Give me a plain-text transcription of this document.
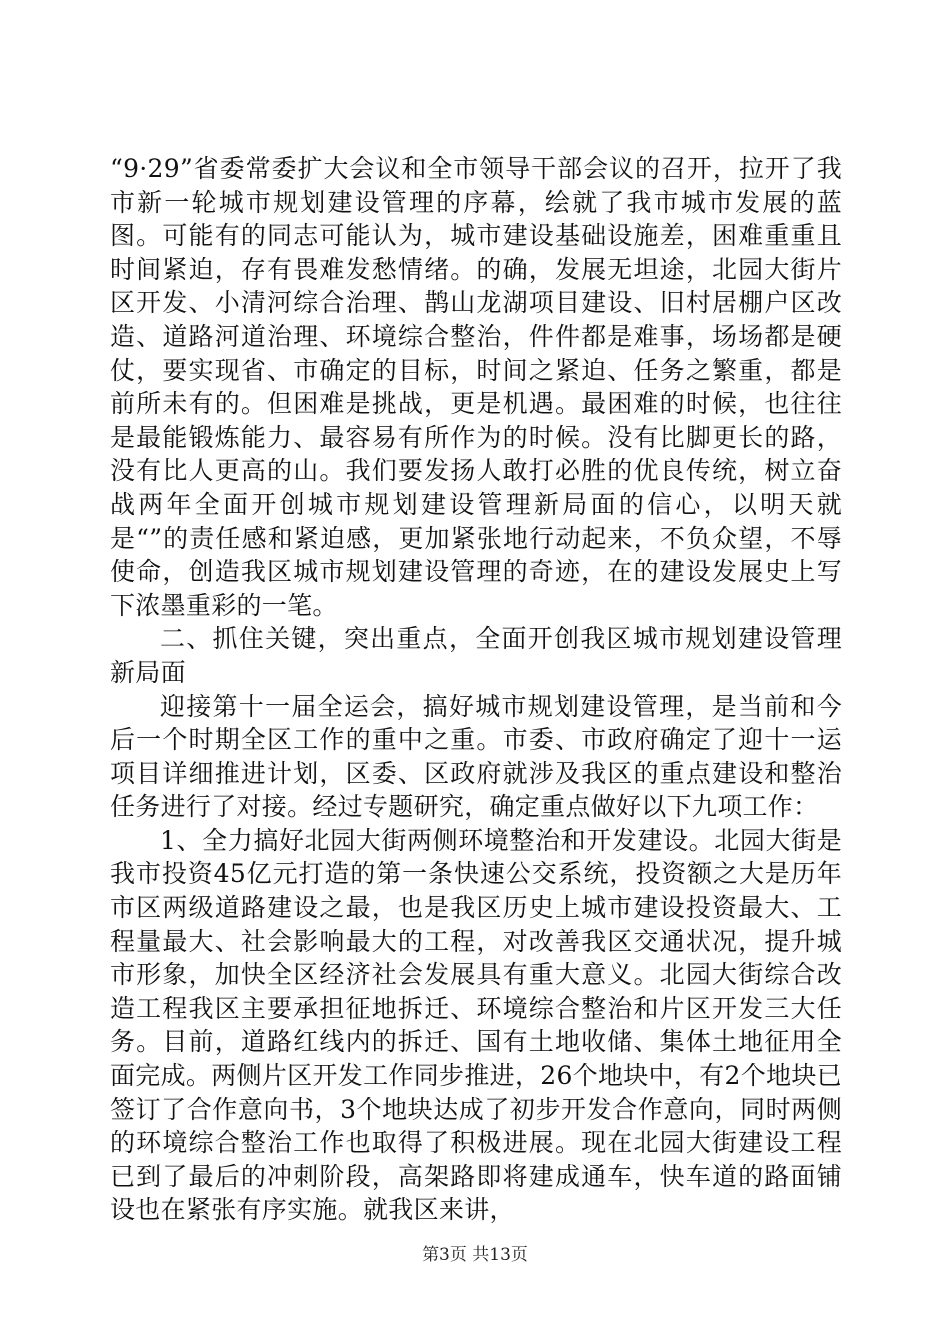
“9·29”省委常委扩大会议和全市领导干部会议的召开，拉开了我市新一轮城市规划建设管理的序幕，绘就了我市城市发展的蓝图。可能有的同志可能认为，城市建设基础设施差，困难重重且时间紧迫，存有畏难发愁情绪。的确，发展无坦途，北园大街片区开发、小清河综合治理、鹊山龙湖项目建设、旧村居棚户区改造、道路河道治理、环境综合整治，件件都是难事，场场都是硬仗，要实现省、市确定的目标，时间之紧迫、任务之繁重，都是前所未有的。但困难是挑战，更是机遇。最困难的时候，也往往是最能锻炼能力、最容易有所作为的时候。没有比脚更长的路，没有比人更高的山。我们要发扬人敢打必胜的优良传统，树立奋战两年全面开创城市规划建设管理新局面的信心，以明天就是“”的责任感和紧迫感，更加紧张地行动起来，不负众望，不辱使命，创造我区城市规划建设管理的奇迹，在的建设发展史上写下浓墨重彩的一笔。

二、抓住关键，突出重点，全面开创我区城市规划建设管理新局面

迎接第十一届全运会，搞好城市规划建设管理，是当前和今后一个时期全区工作的重中之重。市委、市政府确定了迎十一运项目详细推进计划，区委、区政府就涉及我区的重点建设和整治任务进行了对接。经过专题研究，确定重点做好以下九项工作：

1、全力搞好北园大街两侧环境整治和开发建设。北园大街是我市投资45亿元打造的第一条快速公交系统，投资额之大是历年市区两级道路建设之最，也是我区历史上城市建设投资最大、工程量最大、社会影响最大的工程，对改善我区交通状况，提升城市形象，加快全区经济社会发展具有重大意义。北园大街综合改造工程我区主要承担征地拆迁、环境综合整治和片区开发三大任务。目前，道路红线内的拆迁、国有土地收储、集体土地征用全面完成。两侧片区开发工作同步推进，26个地块中，有2个地块已签订了合作意向书，3个地块达成了初步开发合作意向，同时两侧的环境综合整治工作也取得了积极进展。现在北园大街建设工程已到了最后的冲刺阶段，高架路即将建成通车，快车道的路面铺设也在紧张有序实施。就我区来讲，

第3页 共13页
